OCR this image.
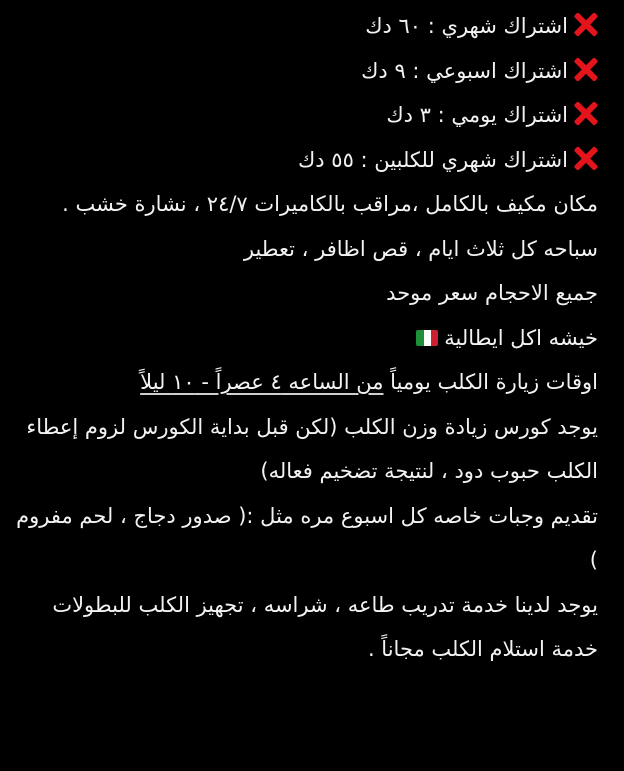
اشتراك شهري : ٦٠ دك
اشتراك اسبوعي : ٩ دك
اشتراك يومي : ٣ دك
اشتراك شهري للكلبين : ٥٥ دك
مكان مكيف بالكامل ،مراقب بالكاميرات ٢٤/٧ ، نشارة خشب .
سباحه كل ثلاث ايام ، قص اظافر ، تعطير
جميع الاحجام سعر موحد
خيشه اكل ايطالية
اوقات زيارة الكلب يومياً من الساعه ٤ عصراً - ١٠ ليلاً
يوجد كورس زيادة وزن الكلب (لكن قبل بداية الكورس لزوم إعطاء الكلب حبوب دود ، لنتيجة تضخيم فعاله)
تقديم وجبات خاصه كل اسبوع مره مثل :( صدور دجاج ، لحم مفروم )
يوجد لدينا خدمة تدريب طاعه ، شراسه ، تجهيز الكلب للبطولات
خدمة استلام الكلب مجاناً .
